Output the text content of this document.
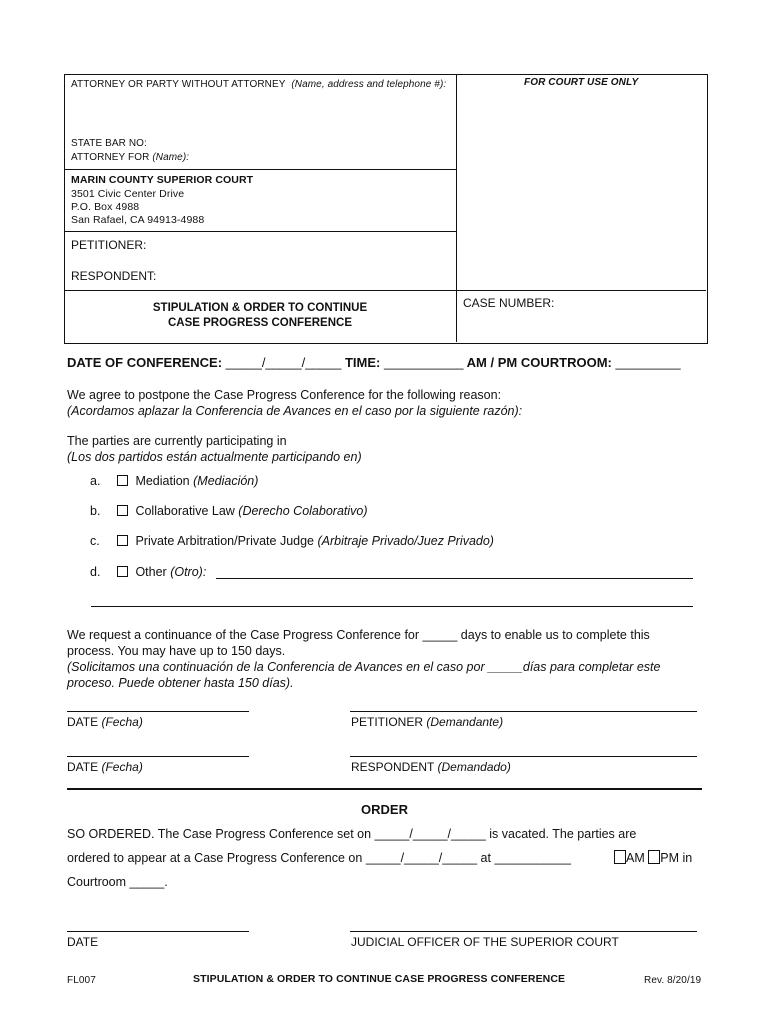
ATTORNEY OR PARTY WITHOUT ATTORNEY (Name, address and telephone #):	FOR COURT USE ONLY
STATE BAR NO:
ATTORNEY FOR (Name):
MARIN COUNTY SUPERIOR COURT
3501 Civic Center Drive
P.O. Box 4988
San Rafael, CA 94913-4988
PETITIONER:
RESPONDENT:
STIPULATION & ORDER TO CONTINUE
CASE PROGRESS CONFERENCE
CASE NUMBER:
DATE OF CONFERENCE: _____/_____/_____ TIME: ___________ AM / PM COURTROOM: _________
We agree to postpone the Case Progress Conference for the following reason:
(Acordamos aplazar la Conferencia de Avances en el caso por la siguiente razón):
The parties are currently participating in
(Los dos partidos están actualmente participando en)
a.	Mediation (Mediación)
b.	Collaborative Law (Derecho Colaborativo)
c.	Private Arbitration/Private Judge (Arbitraje Privado/Juez Privado)
d.	Other (Otro):
We request a continuance of the Case Progress Conference for _____ days to enable us to complete this
process. You may have up to 150 days.
(Solicitamos una continuación de la Conferencia de Avances en el caso por _____días para completar este
proceso. Puede obtener hasta 150 días).
DATE (Fecha)	PETITIONER (Demandante)
DATE (Fecha)	RESPONDENT (Demandado)
ORDER
SO ORDERED. The Case Progress Conference set on _____/_____/_____ is vacated. The parties are
ordered to appear at a Case Progress Conference on _____/_____/_____ at ___________	AM PM in
Courtroom _____.
DATE	JUDICIAL OFFICER OF THE SUPERIOR COURT
FL007	STIPULATION & ORDER TO CONTINUE CASE PROGRESS CONFERENCE	Rev. 8/20/19
